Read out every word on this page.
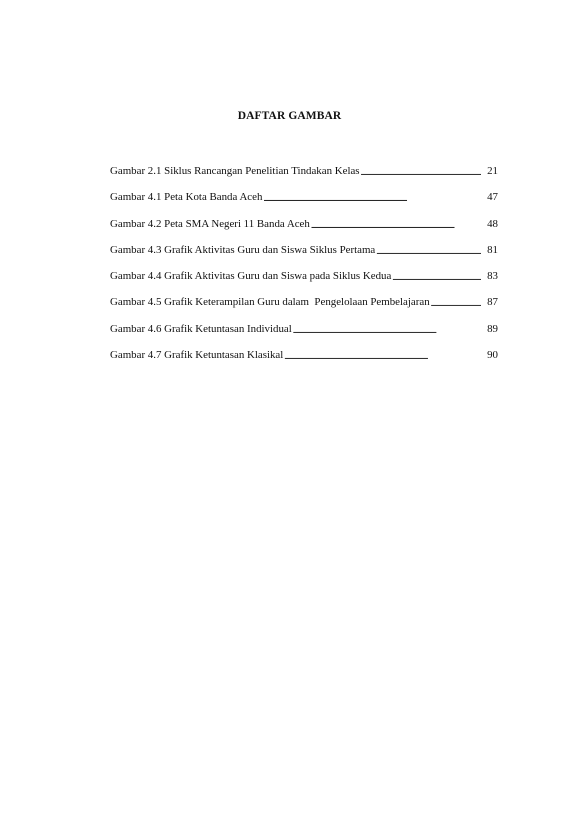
DAFTAR GAMBAR
Gambar 2.1 Siklus Rancangan Penelitian Tindakan Kelas . . .	21
Gambar 4.1 Peta Kota Banda Aceh . . .	47
Gambar 4.2 Peta SMA Negeri 11 Banda Aceh . . .	48
Gambar 4.3 Grafik Aktivitas Guru dan Siswa Siklus Pertama . . .	81
Gambar 4.4 Grafik Aktivitas Guru dan Siswa pada Siklus Kedua . . .	83
Gambar 4.5 Grafik Keterampilan Guru dalam  Pengelolaan Pembelajaran . . .	87
Gambar 4.6 Grafik Ketuntasan Individual . . .	89
Gambar 4.7 Grafik Ketuntasan Klasikal . . .	90
